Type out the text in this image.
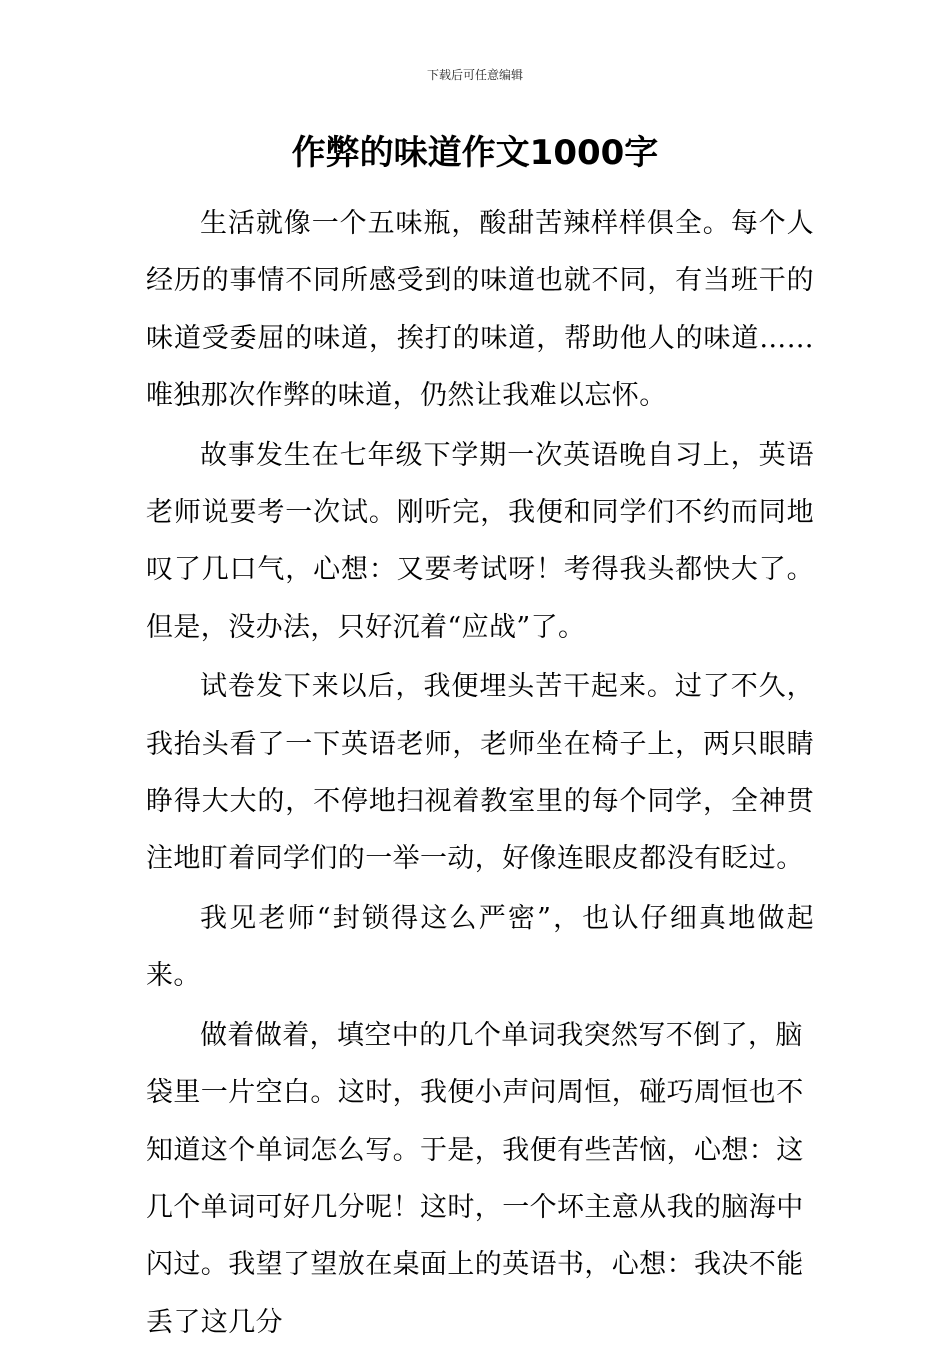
下载后可任意编辑
作弊的味道作文1000字

生活就像一个五味瓶，酸甜苦辣样样俱全。每个人经历的事情不同所感受到的味道也就不同，有当班干的味道受委屈的味道，挨打的味道，帮助他人的味道……唯独那次作弊的味道，仍然让我难以忘怀。

故事发生在七年级下学期一次英语晚自习上，英语老师说要考一次试。刚听完，我便和同学们不约而同地叹了几口气，心想：又要考试呀！考得我头都快大了。但是，没办法，只好沉着“应战”了。

试卷发下来以后，我便埋头苦干起来。过了不久，我抬头看了一下英语老师，老师坐在椅子上，两只眼睛睁得大大的，不停地扫视着教室里的每个同学，全神贯注地盯着同学们的一举一动，好像连眼皮都没有眨过。

我见老师“封锁得这么严密”，也认仔细真地做起来。

做着做着，填空中的几个单词我突然写不倒了，脑袋里一片空白。这时，我便小声问周恒，碰巧周恒也不知道这个单词怎么写。于是，我便有些苦恼，心想：这几个单词可好几分呢！这时，一个坏主意从我的脑海中闪过。我望了望放在桌面上的英语书，心想：我决不能丢了这几分
